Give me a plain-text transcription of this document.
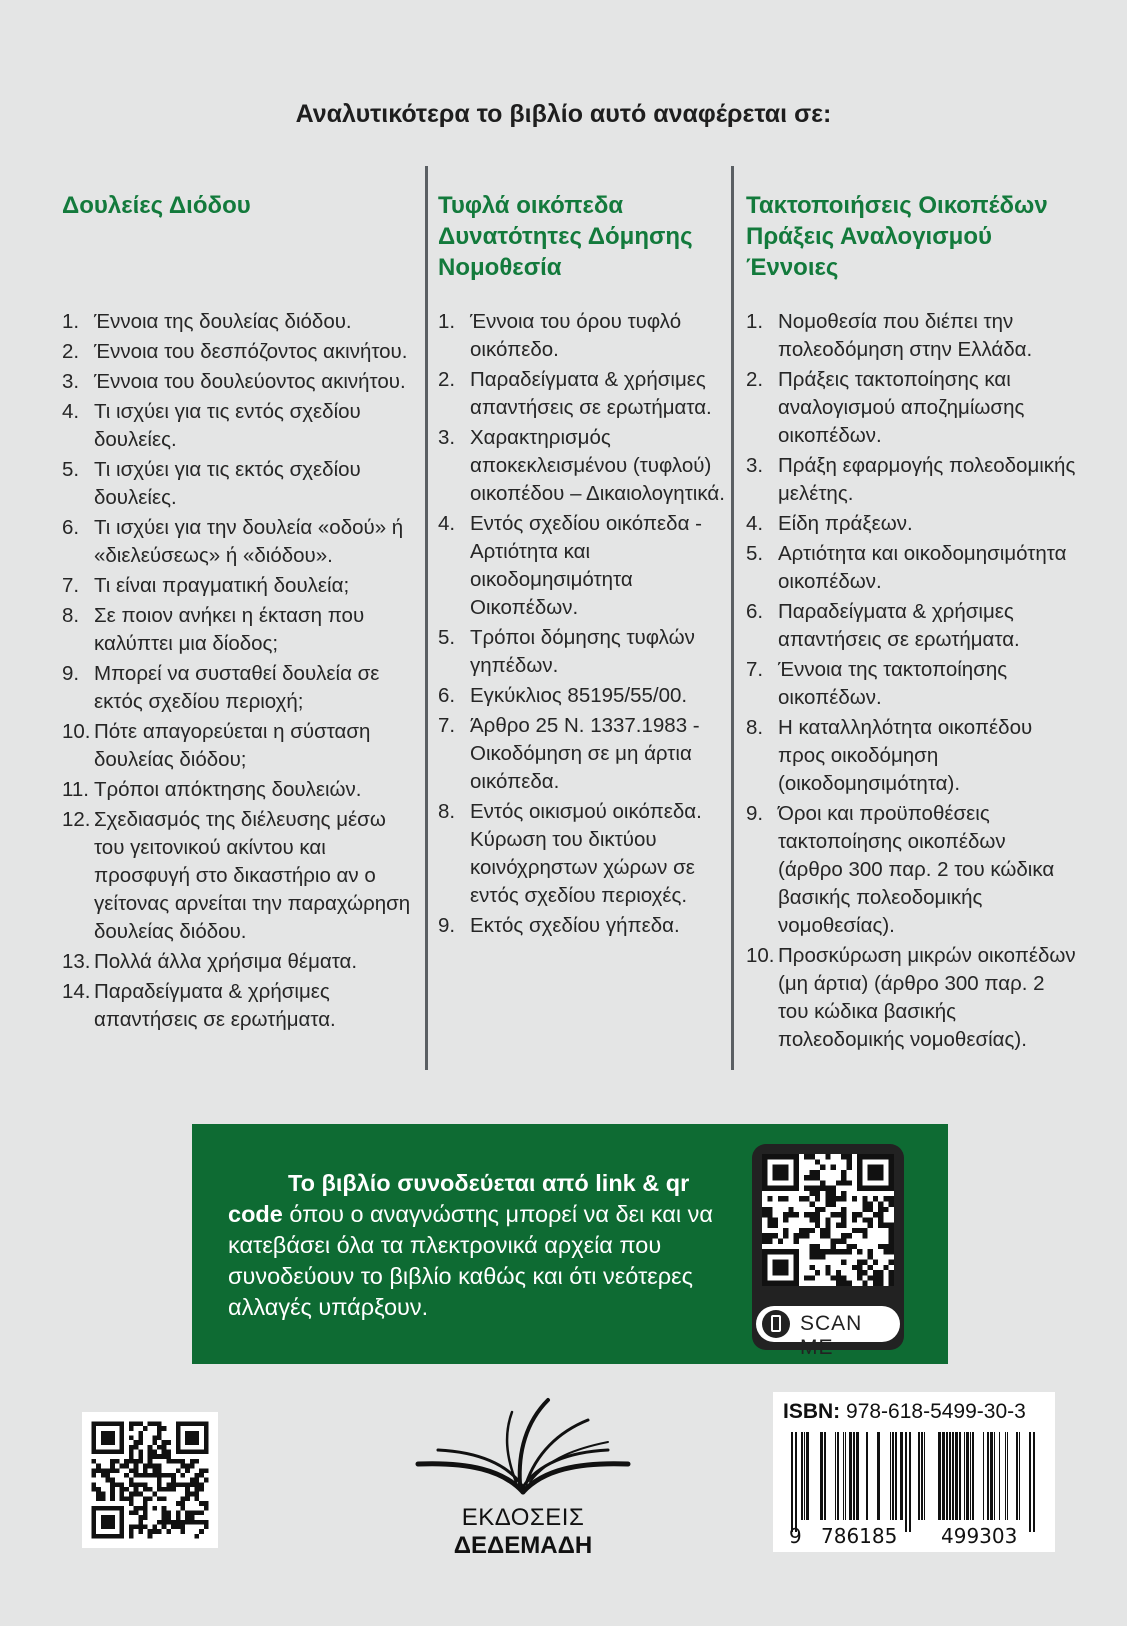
Αναλυτικότερα το βιβλίο αυτό αναφέρεται σε:
Δουλείες Διόδου
1. Έννοια της δουλείας διόδου.
2. Έννοια του δεσπόζοντος ακινήτου.
3. Έννοια του δουλεύοντος ακινήτου.
4. Τι ισχύει για τις εντός σχεδίου δουλείες.
5. Τι ισχύει για τις εκτός σχεδίου δουλείες.
6. Τι ισχύει για την δουλεία «οδού» ή «διελεύσεως» ή «διόδου».
7. Τι είναι πραγματική δουλεία;
8. Σε ποιον ανήκει η έκταση που καλύπτει μια δίοδος;
9. Μπορεί να συσταθεί δουλεία σε εκτός σχεδίου περιοχή;
10. Πότε απαγορεύεται η σύσταση δουλείας διόδου;
11. Τρόποι απόκτησης δουλειών.
12. Σχεδιασμός της διέλευσης μέσω του γειτονικού ακίντου και προσφυγή στο δικαστήριο αν ο γείτονας αρνείται την παραχώρηση δουλείας διόδου.
13. Πολλά άλλα χρήσιμα θέματα.
14. Παραδείγματα & χρήσιμες απαντήσεις σε ερωτήματα.
Τυφλά οικόπεδα
Δυνατότητες Δόμησης
Νομοθεσία
1. Έννοια του όρου τυφλό οικόπεδο.
2. Παραδείγματα & χρήσιμες απαντήσεις σε ερωτήματα.
3. Χαρακτηρισμός αποκεκλεισμένου (τυφλού) οικοπέδου – Δικαιολογητικά.
4. Εντός σχεδίου οικόπεδα - Αρτιότητα και οικοδομησιμότητα Οικοπέδων.
5. Τρόποι δόμησης τυφλών γηπέδων.
6. Εγκύκλιος 85195/55/00.
7. Άρθρο 25 Ν. 1337.1983 - Οικοδόμηση σε μη άρτια οικόπεδα.
8. Εντός οικισμού οικόπεδα. Κύρωση του δικτύου κοινόχρηστων χώρων σε εντός σχεδίου περιοχές.
9. Εκτός σχεδίου γήπεδα.
Τακτοποιήσεις Οικοπέδων
Πράξεις Αναλογισμού
Έννοιες
1. Νομοθεσία που διέπει την πολεοδόμηση στην Ελλάδα.
2. Πράξεις τακτοποίησης και αναλογισμού αποζημίωσης οικοπέδων.
3. Πράξη εφαρμογής πολεοδομικής μελέτης.
4. Είδη πράξεων.
5. Αρτιότητα και οικοδομησιμότητα οικοπέδων.
6. Παραδείγματα & χρήσιμες απαντήσεις σε ερωτήματα.
7. Έννοια της τακτοποίησης οικοπέδων.
8. Η καταλληλότητα οικοπέδου προς οικοδόμηση (οικοδομησιμότητα).
9. Όροι και προϋποθέσεις τακτοποίησης οικοπέδων (άρθρο 300 παρ. 2 του κώδικα βασικής πολεοδομικής νομοθεσίας).
10. Προσκύρωση μικρών οικοπέδων (μη άρτια) (άρθρο 300 παρ. 2 του κώδικα βασικής πολεοδομικής νομοθεσίας).
Το βιβλίο συνοδεύεται από link & qr code όπου ο αναγνώστης μπορεί να δει και να κατεβάσει όλα τα πλεκτρονικά αρχεία που συνοδεύουν το βιβλίο καθώς και ότι νεότερες αλλαγές υπάρξουν.
SCAN ME
ΕΚΔΟΣΕΙΣ ΔΕΔΕΜΑΔΗ
ISBN: 978-618-5499-30-3
9 786185 499303
